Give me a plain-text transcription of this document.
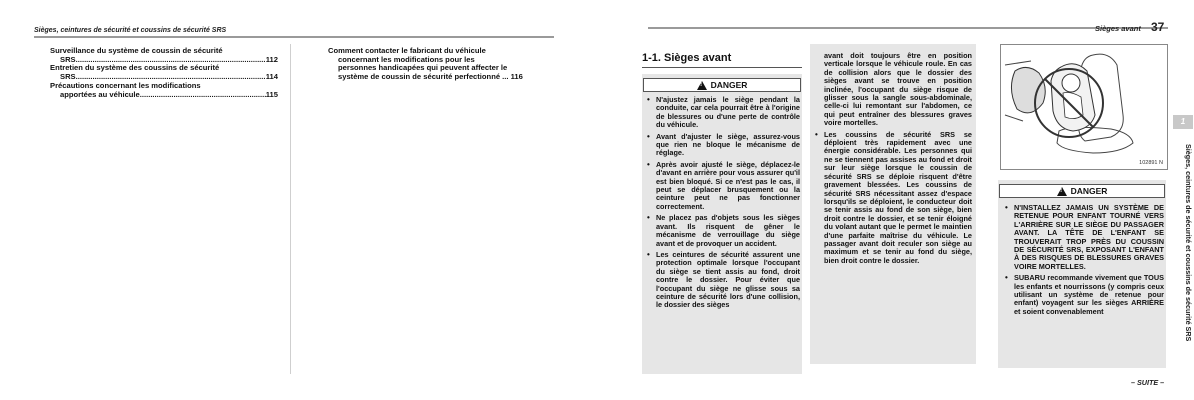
Sièges, ceintures de sécurité et coussins de sécurité SRS
Surveillance du système de coussin de sécurité
SRS .....	112
Entretien du système des coussins de sécurité
SRS .....	114
Précautions concernant les modifications
apportées au véhicule .....	115
Comment contacter le fabricant du véhicule
concernant les modifications pour les
personnes handicapées qui peuvent affecter le
système de coussin de sécurité perfectionné ... 116
Sièges avant 37
1
Sièges, ceintures de sécurité et coussins de sécurité SRS
1-1. Sièges avant
!
DANGER
• N'ajustez jamais le siège pendant la conduite, car cela pourrait être à l'origine de blessures ou d'une perte de contrôle du véhicule.
• Avant d'ajuster le siège, assurez-vous que rien ne bloque le mécanisme de réglage.
• Après avoir ajusté le siège, déplacez-le d'avant en arrière pour vous assurer qu'il est bien bloqué. Si ce n'est pas le cas, il peut se déplacer brusquement ou la ceinture peut ne pas fonctionner correctement.
• Ne placez pas d'objets sous les sièges avant. Ils risquent de gêner le mécanisme de verrouillage du siège avant et de provoquer un accident.
• Les ceintures de sécurité assurent une protection optimale lorsque l'occupant du siège se tient assis au fond, droit contre le dossier. Pour éviter que l'occupant du siège ne glisse sous sa ceinture de sécurité lors d'une collision, le dossier des sièges
avant doit toujours être en position verticale lorsque le véhicule roule. En cas de collision alors que le dossier des sièges avant se trouve en position inclinée, l'occupant du siège risque de glisser sous la sangle sous-abdominale, celle-ci lui remontant sur l'abdomen, ce qui peut entraîner des blessures graves voire mortelles.
• Les coussins de sécurité SRS se déploient très rapidement avec une énergie considérable. Les personnes qui ne se tiennent pas assises au fond et droit sur leur siège lorsque le coussin de sécurité SRS se déploie risquent d'être gravement blessées. Les coussins de sécurité SRS nécessitant assez d'espace lorsqu'ils se déploient, le conducteur doit se tenir assis au fond de son siège, bien droit contre le dossier, et se tenir éloigné du volant autant que le permet le maintien d'une parfaite maîtrise du véhicule. Le passager avant doit reculer son siège au maximum et se tenir au fond du siège, bien droit contre le dossier.
102891 N
!
DANGER
• N'INSTALLEZ JAMAIS UN SYSTÈME DE RETENUE POUR ENFANT TOURNÉ VERS L'ARRIÈRE SUR LE SIÈGE DU PASSAGER AVANT. LA TÊTE DE L'ENFANT SE TROUVERAIT TROP PRÈS DU COUSSIN DE SÉCURITÉ SRS, EXPOSANT L'ENFANT À DES RISQUES DE BLESSURES GRAVES VOIRE MORTELLES.
• SUBARU recommande vivement que TOUS les enfants et nourrissons (y compris ceux utilisant un système de retenue pour enfant) voyagent sur les sièges ARRIÈRE et soient convenablement
– SUITE –
